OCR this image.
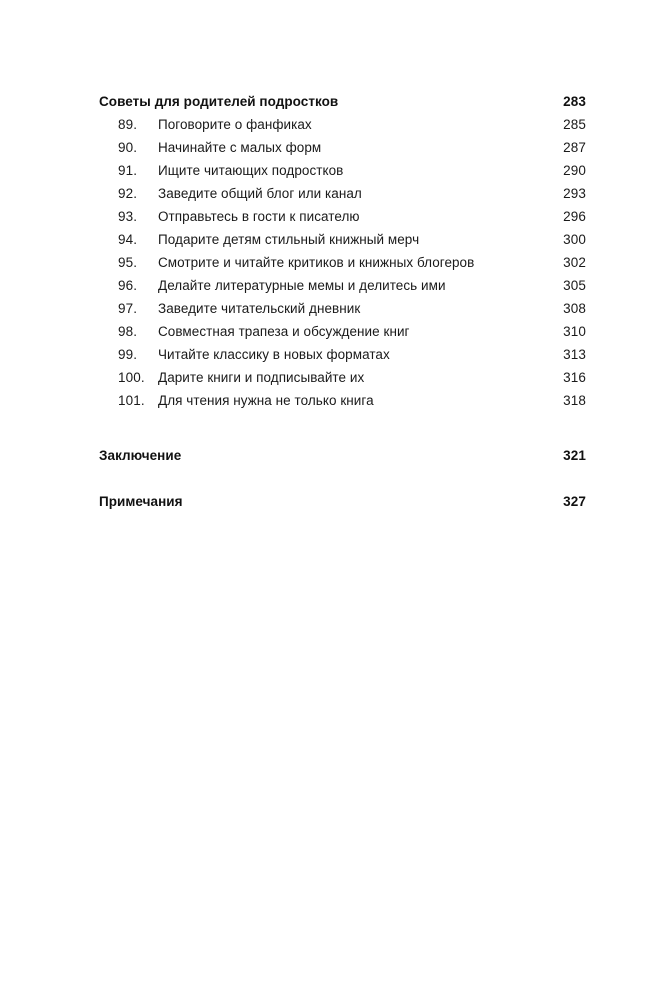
Советы для родителей подростков	283
89.	Поговорите о фанфиках	285
90.	Начинайте с малых форм	287
91.	Ищите читающих подростков	290
92.	Заведите общий блог или канал	293
93.	Отправьтесь в гости к писателю	296
94.	Подарите детям стильный книжный мерч	300
95.	Смотрите и читайте критиков и книжных блогеров	302
96.	Делайте литературные мемы и делитесь ими	305
97.	Заведите читательский дневник	308
98.	Совместная трапеза и обсуждение книг	310
99.	Читайте классику в новых форматах	313
100. Дарите книги и подписывайте их	316
101. Для чтения нужна не только книга	318
Заключение	321
Примечания	327
